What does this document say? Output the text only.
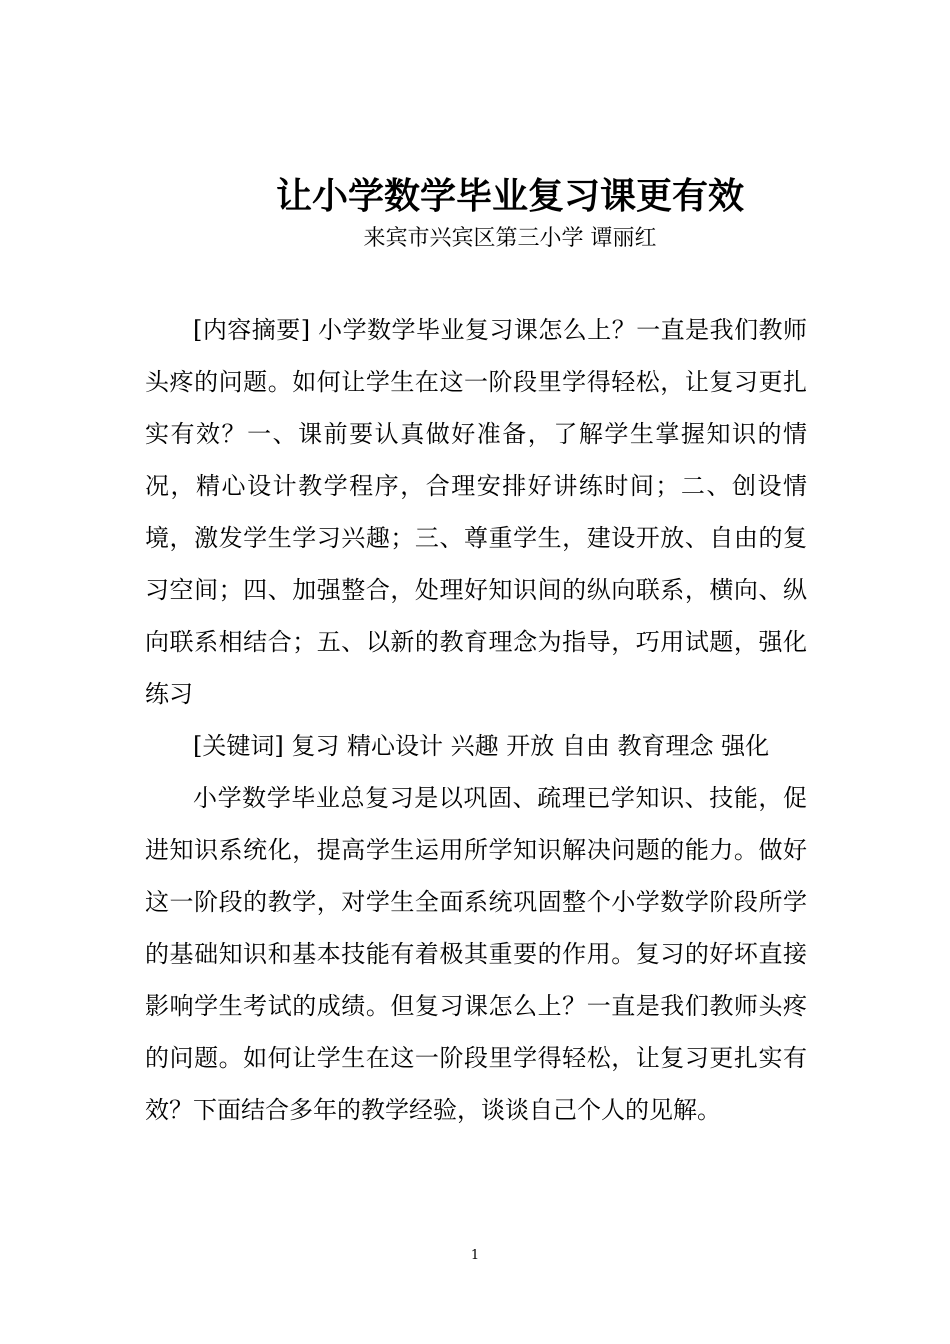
让小学数学毕业复习课更有效
来宾市兴宾区第三小学 谭丽红

[内容摘要] 小学数学毕业复习课怎么上？一直是我们教师头疼的问题。如何让学生在这一阶段里学得轻松，让复习更扎实有效？一、课前要认真做好准备，了解学生掌握知识的情况，精心设计教学程序，合理安排好讲练时间；二、创设情境，激发学生学习兴趣；三、尊重学生，建设开放、自由的复习空间；四、加强整合，处理好知识间的纵向联系，横向、纵向联系相结合；五、以新的教育理念为指导，巧用试题，强化练习

[关键词] 复习 精心设计 兴趣 开放 自由 教育理念 强化

小学数学毕业总复习是以巩固、疏理已学知识、技能，促进知识系统化，提高学生运用所学知识解决问题的能力。做好这一阶段的教学，对学生全面系统巩固整个小学数学阶段所学的基础知识和基本技能有着极其重要的作用。复习的好坏直接影响学生考试的成绩。但复习课怎么上？一直是我们教师头疼的问题。如何让学生在这一阶段里学得轻松，让复习更扎实有效？下面结合多年的教学经验，谈谈自己个人的见解。

1
